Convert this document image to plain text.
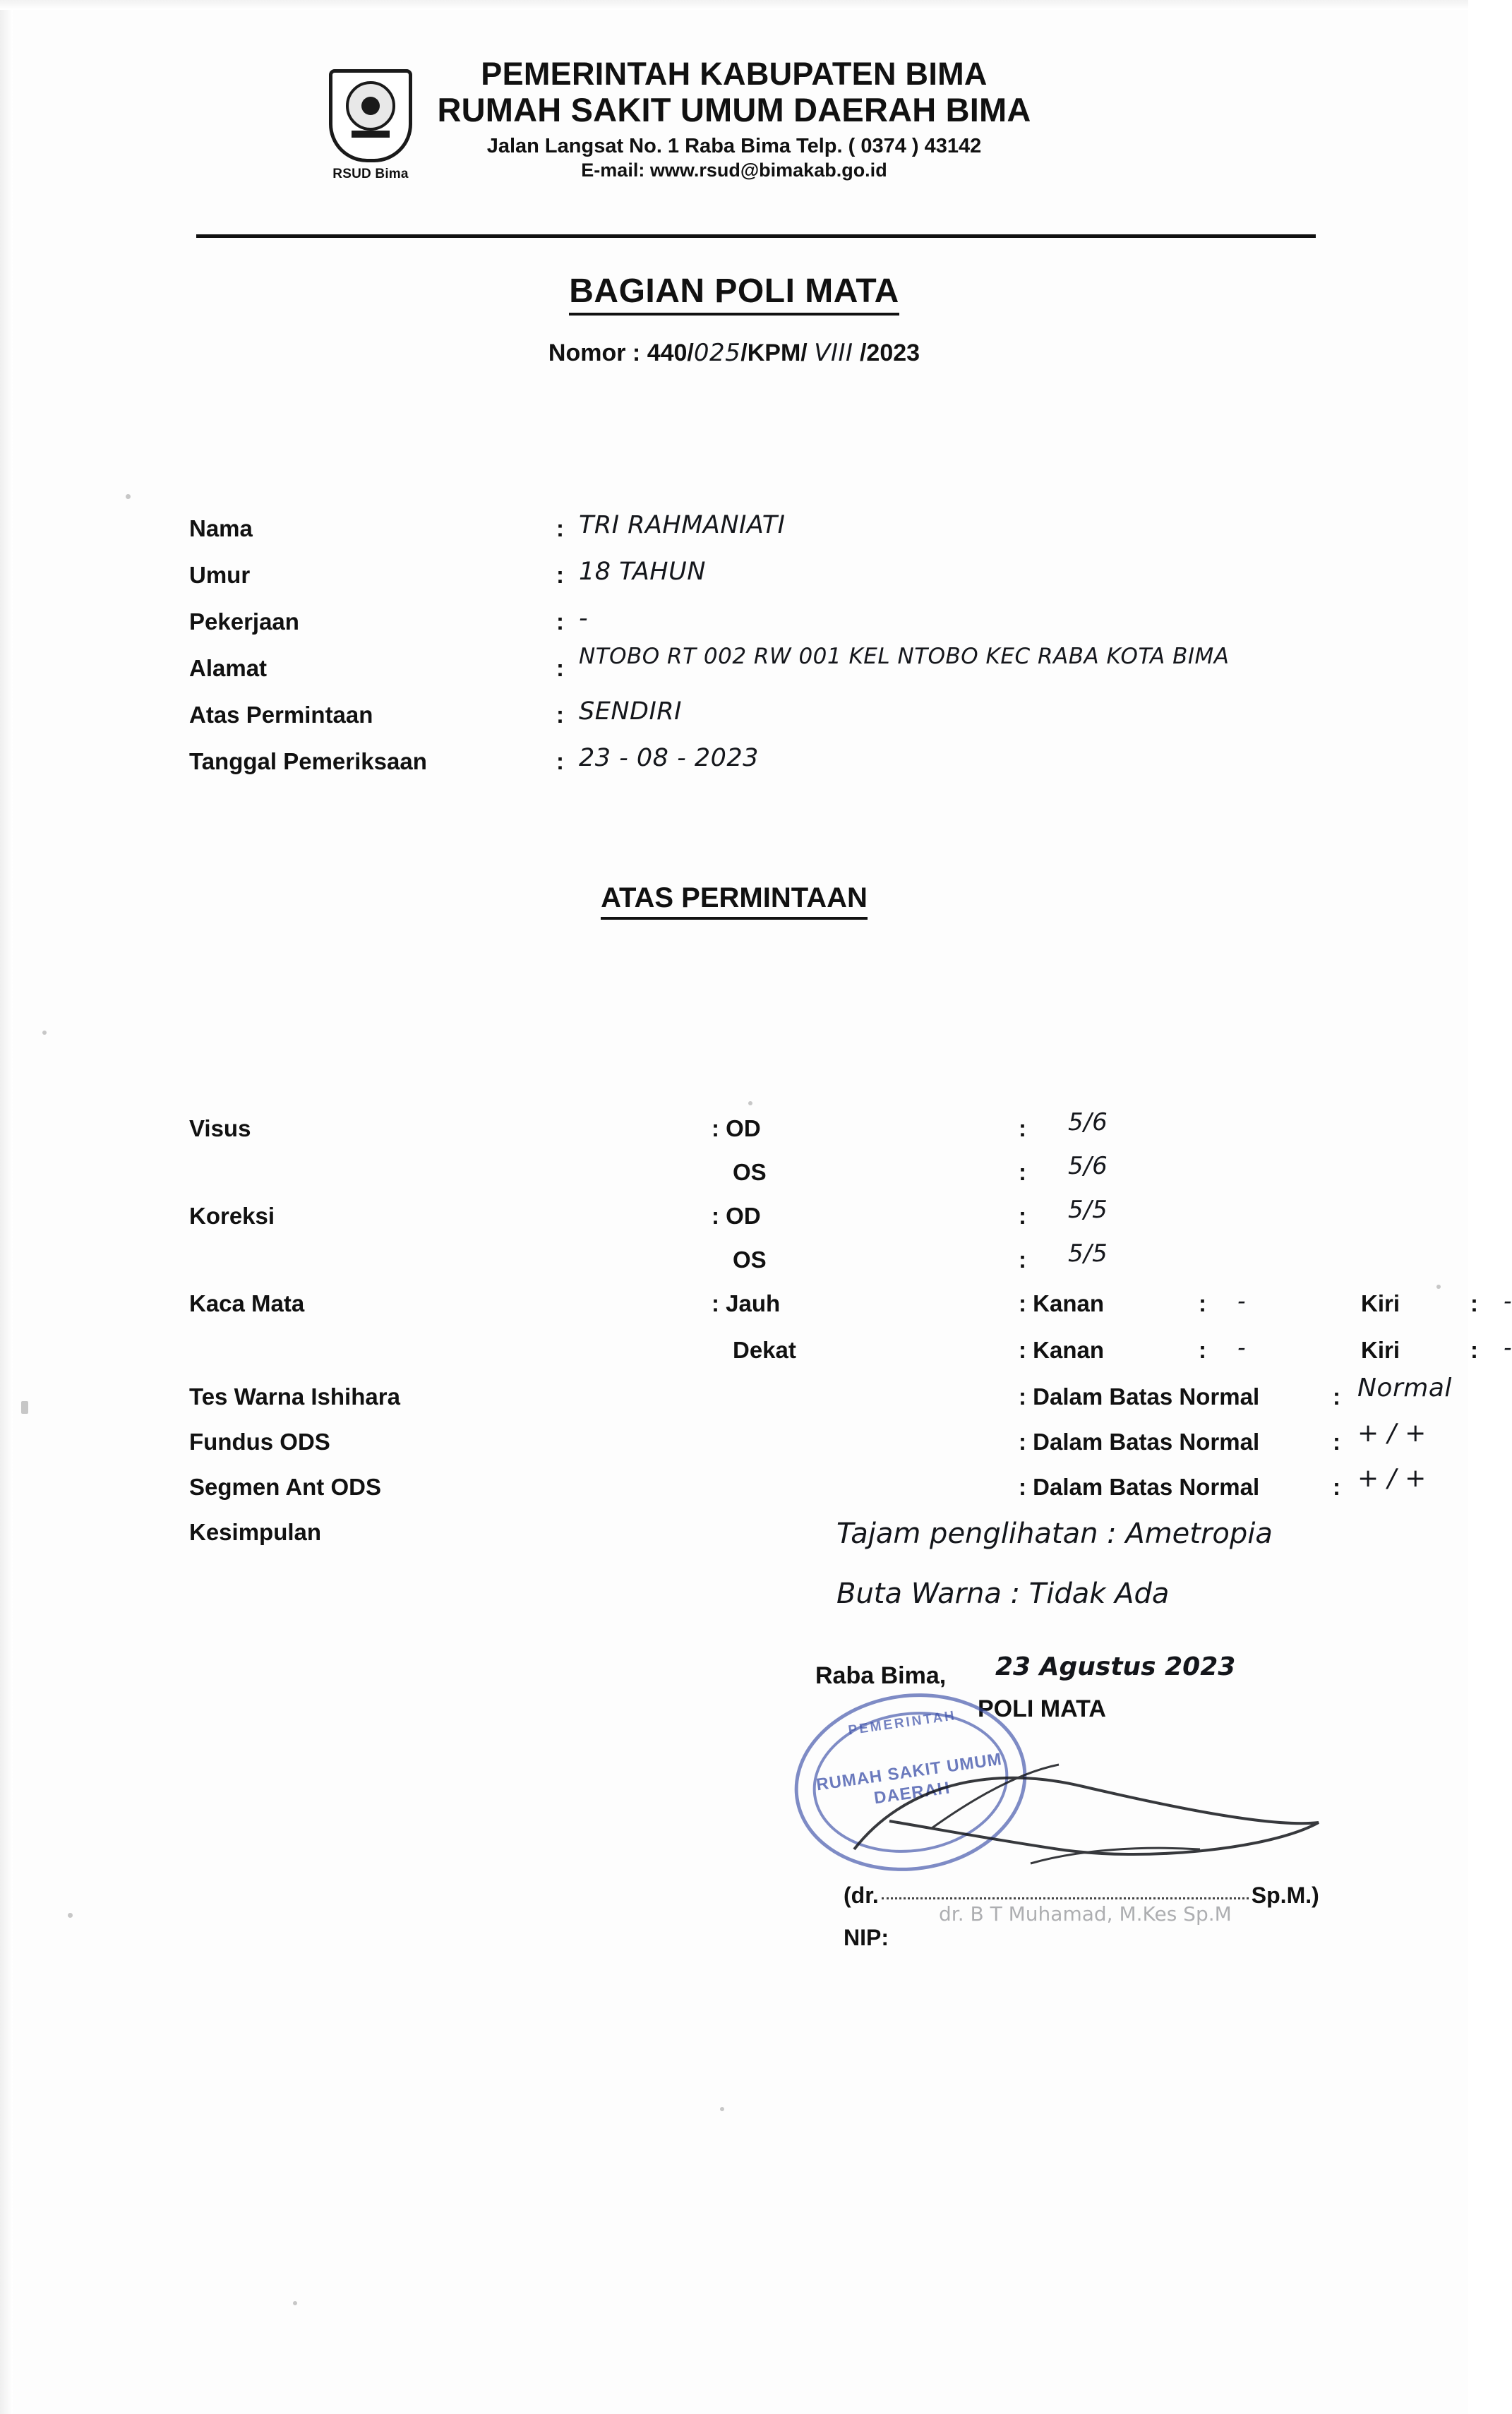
RSUD Bima
PEMERINTAH KABUPATEN BIMA
RUMAH SAKIT UMUM DAERAH BIMA
Jalan Langsat No. 1 Raba Bima Telp. ( 0374 ) 43142
E-mail: www.rsud@bimakab.go.id
BAGIAN POLI MATA
Nomor : 440/025/KPM/ VIII /2023
Nama	: TRI RAHMANIATI
Umur	: 18 TAHUN
Pekerjaan	: -
Alamat	: NTOBO RT 002 RW 001 KEL NTOBO KEC RABA KOTA BIMA
Atas Permintaan	: SENDIRI
Tanggal Pemeriksaan	: 23 - 08 - 2023
ATAS PERMINTAAN
Visus	: OD	: 5/6
OS	: 5/6
Koreksi	: OD	: 5/5
OS	: 5/5
Kaca Mata	: Jauh	: Kanan	: -	Kiri	: -
Dekat	: Kanan	: -	Kiri	: -
Tes Warna Ishihara	: Dalam Batas Normal	: Normal
Fundus ODS	: Dalam Batas Normal	: + / +
Segmen Ant ODS	: Dalam Batas Normal	: + / +
Kesimpulan	Tajam penglihatan : Ametropia
Buta Warna : Tidak Ada
Raba Bima, 23 Agustus 2023
POLI MATA
(dr.	Sp.M.)
NIP:
PEMERINTAH
RUMAH SAKIT UMUM
DAERAH
dr. B T Muhamad, M.Kes Sp.M
